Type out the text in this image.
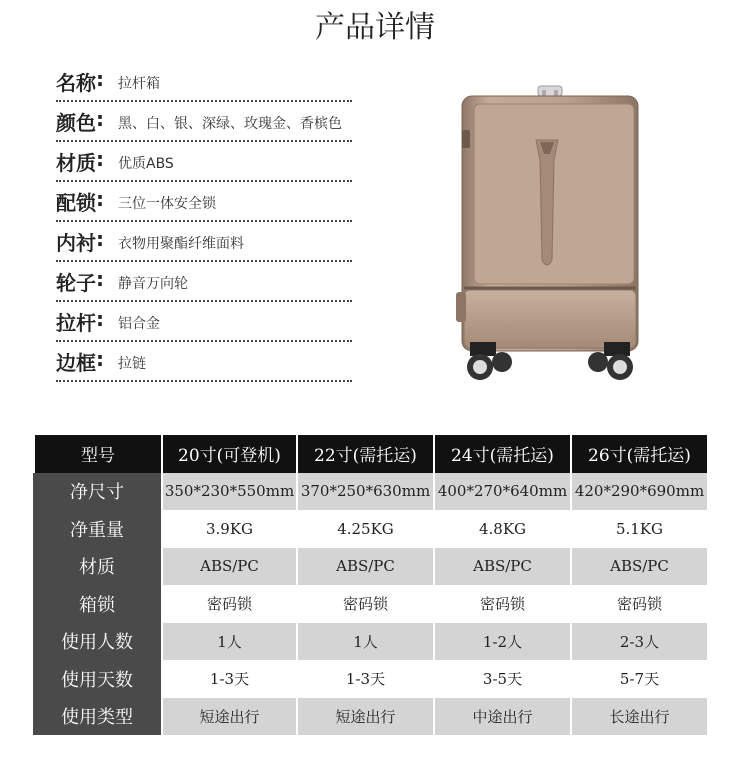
产品详情
名称 : 拉杆箱
颜色 : 黑、白、银、深绿、玫瑰金、香槟色
材质 : 优质ABS
配锁 : 三位一体安全锁
内衬 : 衣物用聚酯纤维面料
轮子 : 静音万向轮
拉杆 : 铝合金
边框 : 拉链
型号	20寸(可登机)	22寸(需托运)	24寸(需托运)	26寸(需托运)
净尺寸	350*230*550mm	370*250*630mm	400*270*640mm	420*290*690mm
净重量	3.9KG	4.25KG	4.8KG	5.1KG
材质	ABS/PC	ABS/PC	ABS/PC	ABS/PC
箱锁	密码锁	密码锁	密码锁	密码锁
使用人数	1人	1人	1-2人	2-3人
使用天数	1-3天	1-3天	3-5天	5-7天
使用类型	短途出行	短途出行	中途出行	长途出行
